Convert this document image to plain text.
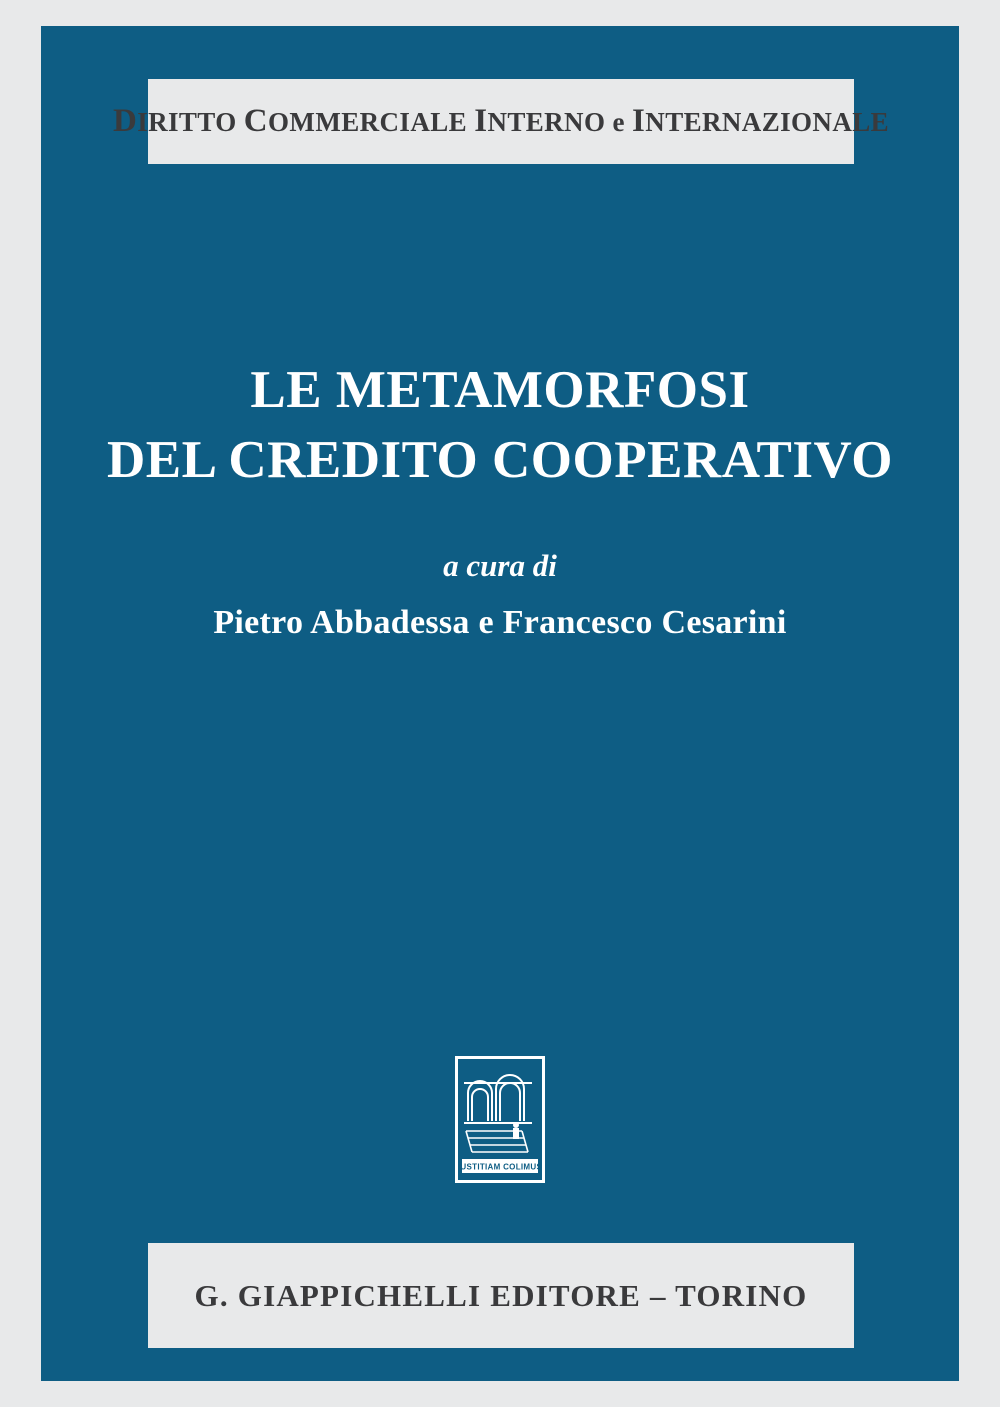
DIRITTO COMMERCIALE INTERNO e INTERNAZIONALE
LE METAMORFOSI
DEL CREDITO COOPERATIVO
a cura di
Pietro Abbadessa e Francesco Cesarini
IUSTITIAM COLIMUS
G. GIAPPICHELLI EDITORE – TORINO
